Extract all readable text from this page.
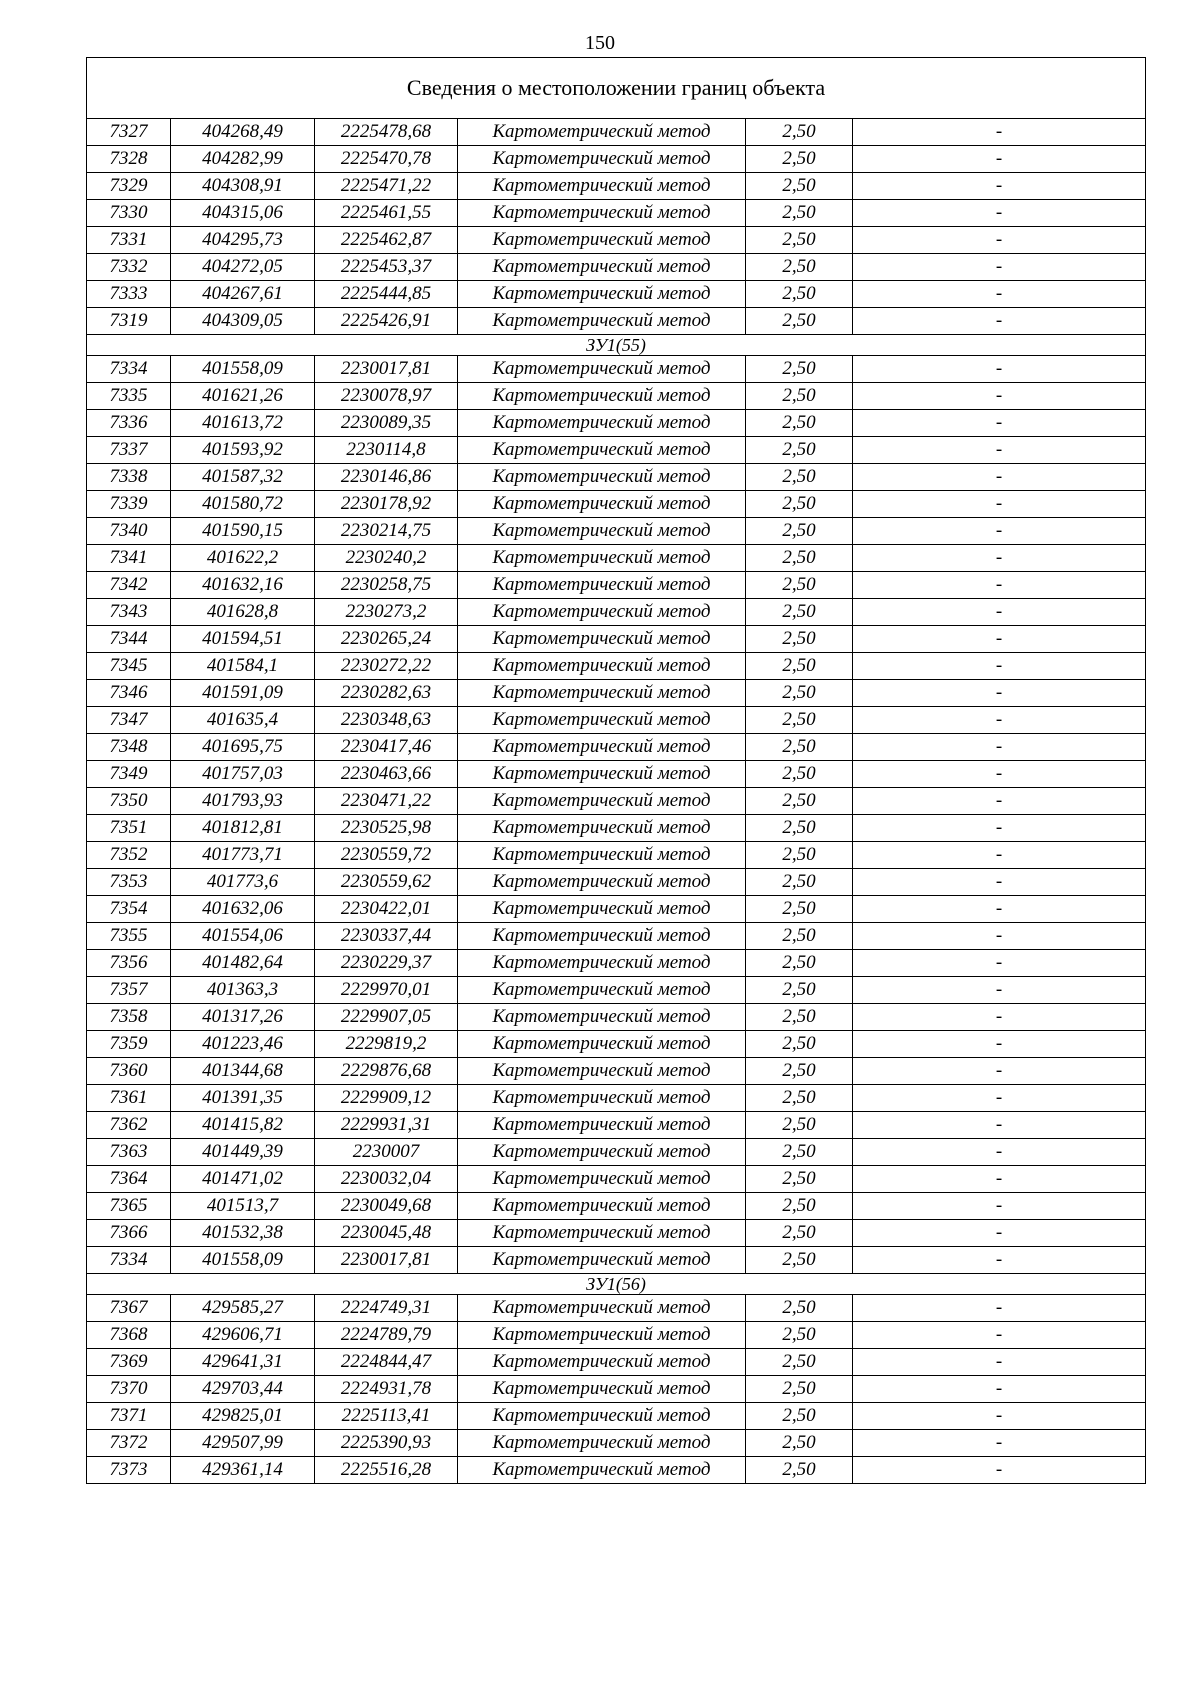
150
Сведения о местоположении границ объекта					
7327	404268,49	2225478,68	Картометрический метод	2,50	-
7328	404282,99	2225470,78	Картометрический метод	2,50	-
7329	404308,91	2225471,22	Картометрический метод	2,50	-
7330	404315,06	2225461,55	Картометрический метод	2,50	-
7331	404295,73	2225462,87	Картометрический метод	2,50	-
7332	404272,05	2225453,37	Картометрический метод	2,50	-
7333	404267,61	2225444,85	Картометрический метод	2,50	-
7319	404309,05	2225426,91	Картометрический метод	2,50	-
ЗУ1(55)					
7334	401558,09	2230017,81	Картометрический метод	2,50	-
7335	401621,26	2230078,97	Картометрический метод	2,50	-
7336	401613,72	2230089,35	Картометрический метод	2,50	-
7337	401593,92	2230114,8	Картометрический метод	2,50	-
7338	401587,32	2230146,86	Картометрический метод	2,50	-
7339	401580,72	2230178,92	Картометрический метод	2,50	-
7340	401590,15	2230214,75	Картометрический метод	2,50	-
7341	401622,2	2230240,2	Картометрический метод	2,50	-
7342	401632,16	2230258,75	Картометрический метод	2,50	-
7343	401628,8	2230273,2	Картометрический метод	2,50	-
7344	401594,51	2230265,24	Картометрический метод	2,50	-
7345	401584,1	2230272,22	Картометрический метод	2,50	-
7346	401591,09	2230282,63	Картометрический метод	2,50	-
7347	401635,4	2230348,63	Картометрический метод	2,50	-
7348	401695,75	2230417,46	Картометрический метод	2,50	-
7349	401757,03	2230463,66	Картометрический метод	2,50	-
7350	401793,93	2230471,22	Картометрический метод	2,50	-
7351	401812,81	2230525,98	Картометрический метод	2,50	-
7352	401773,71	2230559,72	Картометрический метод	2,50	-
7353	401773,6	2230559,62	Картометрический метод	2,50	-
7354	401632,06	2230422,01	Картометрический метод	2,50	-
7355	401554,06	2230337,44	Картометрический метод	2,50	-
7356	401482,64	2230229,37	Картометрический метод	2,50	-
7357	401363,3	2229970,01	Картометрический метод	2,50	-
7358	401317,26	2229907,05	Картометрический метод	2,50	-
7359	401223,46	2229819,2	Картометрический метод	2,50	-
7360	401344,68	2229876,68	Картометрический метод	2,50	-
7361	401391,35	2229909,12	Картометрический метод	2,50	-
7362	401415,82	2229931,31	Картометрический метод	2,50	-
7363	401449,39	2230007	Картометрический метод	2,50	-
7364	401471,02	2230032,04	Картометрический метод	2,50	-
7365	401513,7	2230049,68	Картометрический метод	2,50	-
7366	401532,38	2230045,48	Картометрический метод	2,50	-
7334	401558,09	2230017,81	Картометрический метод	2,50	-
ЗУ1(56)					
7367	429585,27	2224749,31	Картометрический метод	2,50	-
7368	429606,71	2224789,79	Картометрический метод	2,50	-
7369	429641,31	2224844,47	Картометрический метод	2,50	-
7370	429703,44	2224931,78	Картометрический метод	2,50	-
7371	429825,01	2225113,41	Картометрический метод	2,50	-
7372	429507,99	2225390,93	Картометрический метод	2,50	-
7373	429361,14	2225516,28	Картометрический метод	2,50	-
